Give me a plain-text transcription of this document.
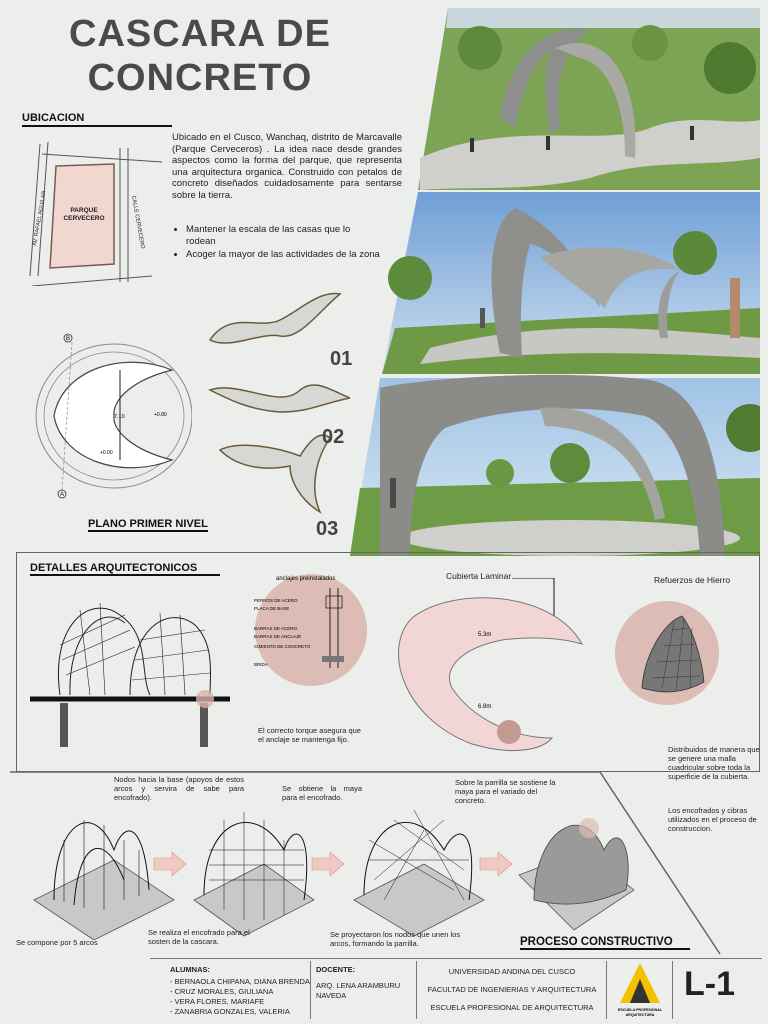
CASCARA DE
CONCRETO
UBICACION
PARQUE
CERVECERO
AV. RAFAEL AGUILAR	CALLE CERVECERO
Ubicado en el Cusco, Wanchaq, distrito de Marcavalle (Parque Cerveceros) . La idea nace desde grandes aspectos como la forma del parque, que representa una arquitectura organica. Construido con petalos de concreto diseñados cuidadosamente para sentarse sobre la tierra.
• Mantener la escala de las casas que lo rodean
• Acoger la mayor de las actividades de la zona
B
A
7.10	+0.80
+0.00
PLANO PRIMER NIVEL
01
02
03
DETALLES ARQUITECTONICOS
anclajes preinstalados
PERNOS DE ACERO
PLACA DE BASE
BARRAS DE ACERO
BARRAS DE ANCLAJE
CIMIENTO DE CONCRETO
BRIDA
El correcto torque asegura que el anclaje se mantenga fijo.
Cubierta Laminar
5.3m
6.8m
Refuerzos de Hierro
Distribuidos de manera que se genere una malla cuadricular sobre toda la superficie de la cubierta.
Los encofrados y cibras utilizados en el proceso de construccion.
Nodos hacia la base (apoyos de estos arcos y servira de sabe para encofrado).
Se compone por 5 arcos
Se obtiene la maya para el encofrado.
Se realiza el encofrado para el sosten de la cascara.
Sobre la parrilla se sostiene la maya para el variado del concreto.
Se proyectaron los nodos que unen los arcos, formando la parrilla.	PROCESO CONSTRUCTIVO
ALUMNAS:
- BERNAOLA CHIPANA, DIANA BRENDA
- CRUZ MORALES, GIULIANA
- VERA FLORES, MARIAFE
- ZANABRIA GONZALES, VALERIA
DOCENTE:
ARQ. LENA ARAMBURU NAVEDA
UNIVERSIDAD ANDINA DEL CUSCO
FACULTAD DE INGENIERIAS Y ARQUITECTURA
ESCUELA PROFESIONAL DE ARQUITECTURA	ESCUELA PROFESIONAL
ARQUITECTURA
L-1
